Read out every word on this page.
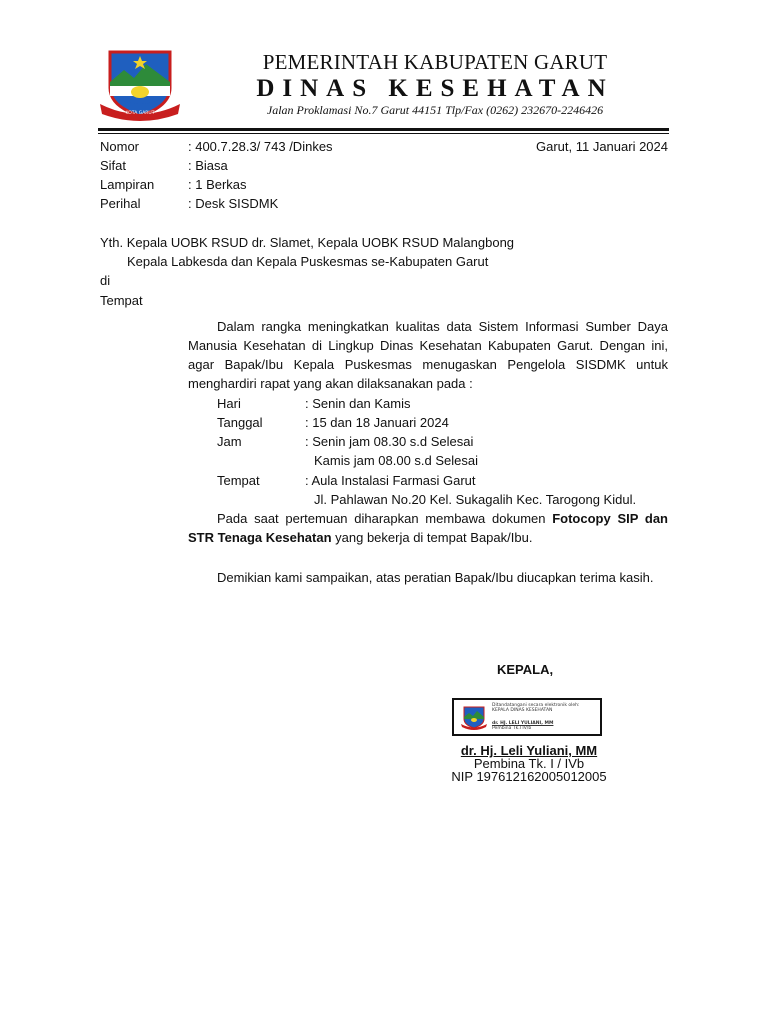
KOTA GARUT
PEMERINTAH KABUPATEN GARUT
DINAS KESEHATAN
Jalan Proklamasi No.7 Garut 44151 Tlp/Fax (0262) 232670-2246426
Nomor	: 400.7.28.3/ 743 /Dinkes	Garut, 11 Januari 2024
Sifat	: Biasa
Lampiran	: 1 Berkas
Perihal	: Desk SISDMK
Yth. Kepala UOBK RSUD dr. Slamet, Kepala UOBK RSUD Malangbong
Kepala Labkesda dan Kepala Puskesmas se-Kabupaten Garut
di
Tempat
Dalam rangka meningkatkan kualitas data Sistem Informasi Sumber Daya Manusia Kesehatan di Lingkup Dinas Kesehatan Kabupaten Garut. Dengan ini, agar Bapak/Ibu Kepala Puskesmas menugaskan Pengelola SISDMK untuk menghardiri rapat yang akan dilaksanakan pada :
Hari	: Senin dan Kamis
Tanggal	: 15 dan 18 Januari 2024
Jam	: Senin jam 08.30 s.d Selesai
Kamis jam 08.00 s.d Selesai
Tempat	: Aula Instalasi Farmasi Garut
Jl. Pahlawan No.20 Kel. Sukagalih Kec. Tarogong Kidul.
Pada saat pertemuan diharapkan membawa dokumen Fotocopy SIP dan STR Tenaga Kesehatan yang bekerja di tempat Bapak/Ibu.
Demikian kami sampaikan, atas peratian Bapak/Ibu diucapkan terima kasih.
KEPALA,
Ditandatangani secara elektronik oleh:
KEPALA DINAS KESEHATAN
dr. HJ. LELI YULIANI, MM
Pembina Tk.I IV/b
dr. Hj. Leli Yuliani, MM
Pembina Tk. I / IVb
NIP 197612162005012005
